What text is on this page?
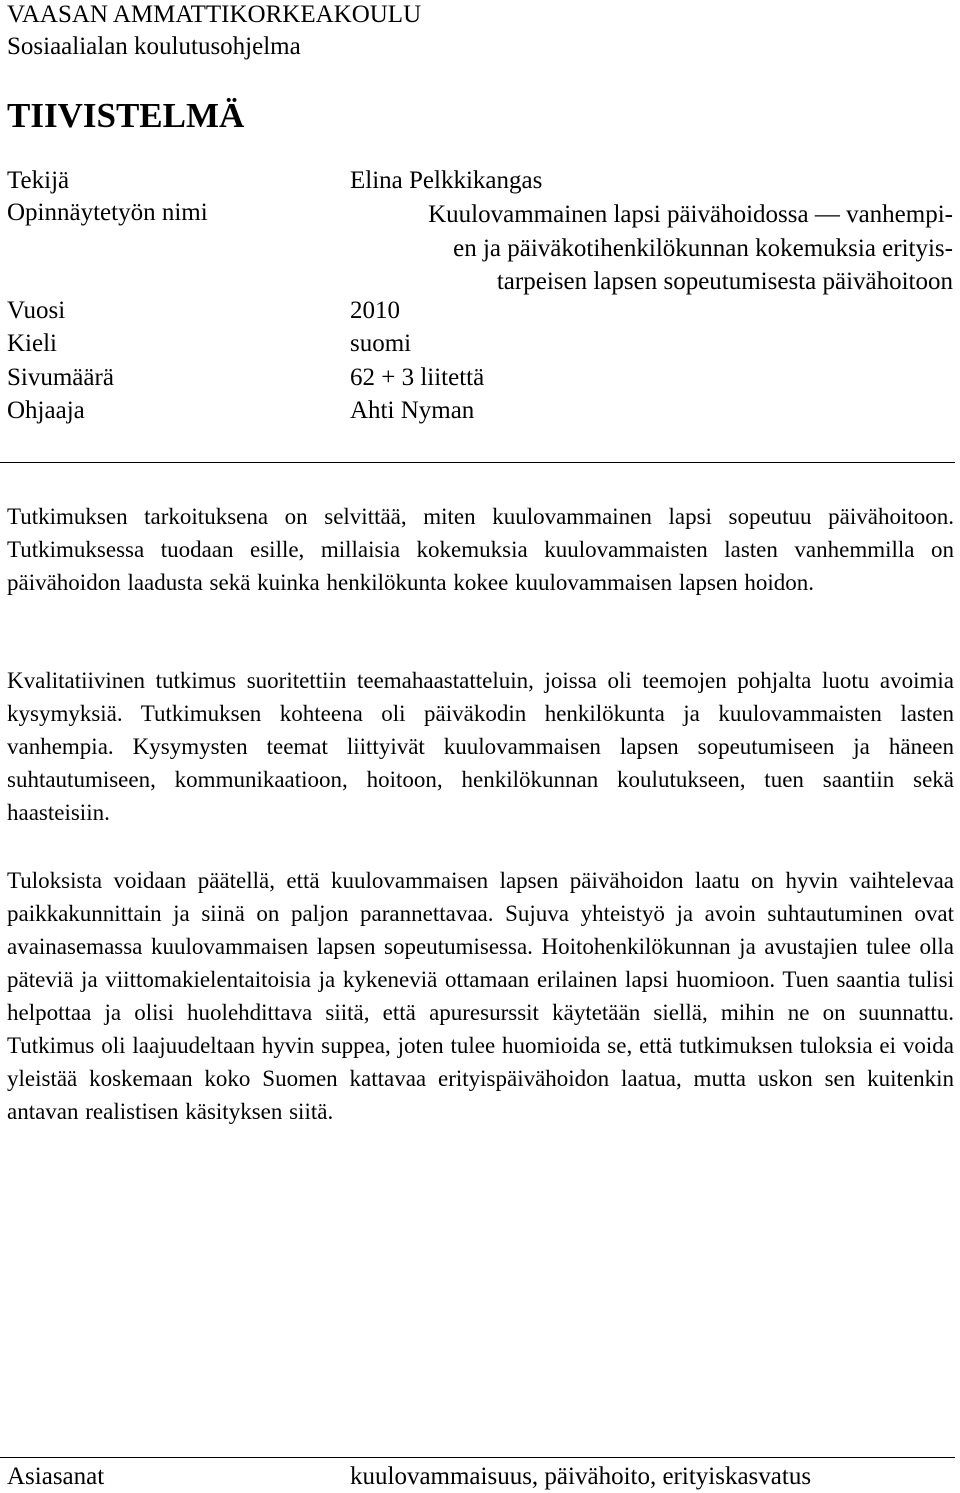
VAASAN AMMATTIKORKEAKOULU
Sosiaalialan koulutusohjelma
TIIVISTELMÄ
Tekijä	Elina Pelkkikangas
Opinnäytetyön nimi	Kuulovammainen lapsi päivähoidossa — vanhempi-
en ja päiväkotihenkilökunnan kokemuksia erityis-
tarpeisen lapsen sopeutumisesta päivähoitoon
Vuosi	2010
Kieli	suomi
Sivumäärä	62 + 3 liitettä
Ohjaaja	Ahti Nyman

Tutkimuksen tarkoituksena on selvittää, miten kuulovammainen lapsi sopeutuu päivähoitoon. Tutkimuksessa tuodaan esille, millaisia kokemuksia kuulovammaisten lasten vanhemmilla on päivähoidon laadusta sekä kuinka henkilökunta kokee kuulovammaisen lapsen hoidon.

Kvalitatiivinen tutkimus suoritettiin teemahaastatteluin, joissa oli teemojen pohjalta luotu avoimia kysymyksiä. Tutkimuksen kohteena oli päiväkodin henkilökunta ja kuulovammaisten lasten vanhempia. Kysymysten teemat liittyivät kuulovammaisen lapsen sopeutumiseen ja häneen suhtautumiseen, kommunikaatioon, hoitoon, henkilökunnan koulutukseen, tuen saantiin sekä haasteisiin.

Tuloksista voidaan päätellä, että kuulovammaisen lapsen päivähoidon laatu on hyvin vaihtelevaa paikkakunnittain ja siinä on paljon parannettavaa. Sujuva yhteistyö ja avoin suhtautuminen ovat avainasemassa kuulovammaisen lapsen sopeutumisessa. Hoitohenkilökunnan ja avustajien tulee olla päteviä ja viittomakielentaitoisia ja kykeneviä ottamaan erilainen lapsi huomioon. Tuen saantia tulisi helpottaa ja olisi huolehdittava siitä, että apuresurssit käytetään siellä, mihin ne on suunnattu. Tutkimus oli laajuudeltaan hyvin suppea, joten tulee huomioida se, että tutkimuksen tuloksia ei voida yleistää koskemaan koko Suomen kattavaa erityispäivähoidon laatua, mutta uskon sen kuitenkin antavan realistisen käsityksen siitä.

Asiasanat	kuulovammaisuus, päivähoito, erityiskasvatus
